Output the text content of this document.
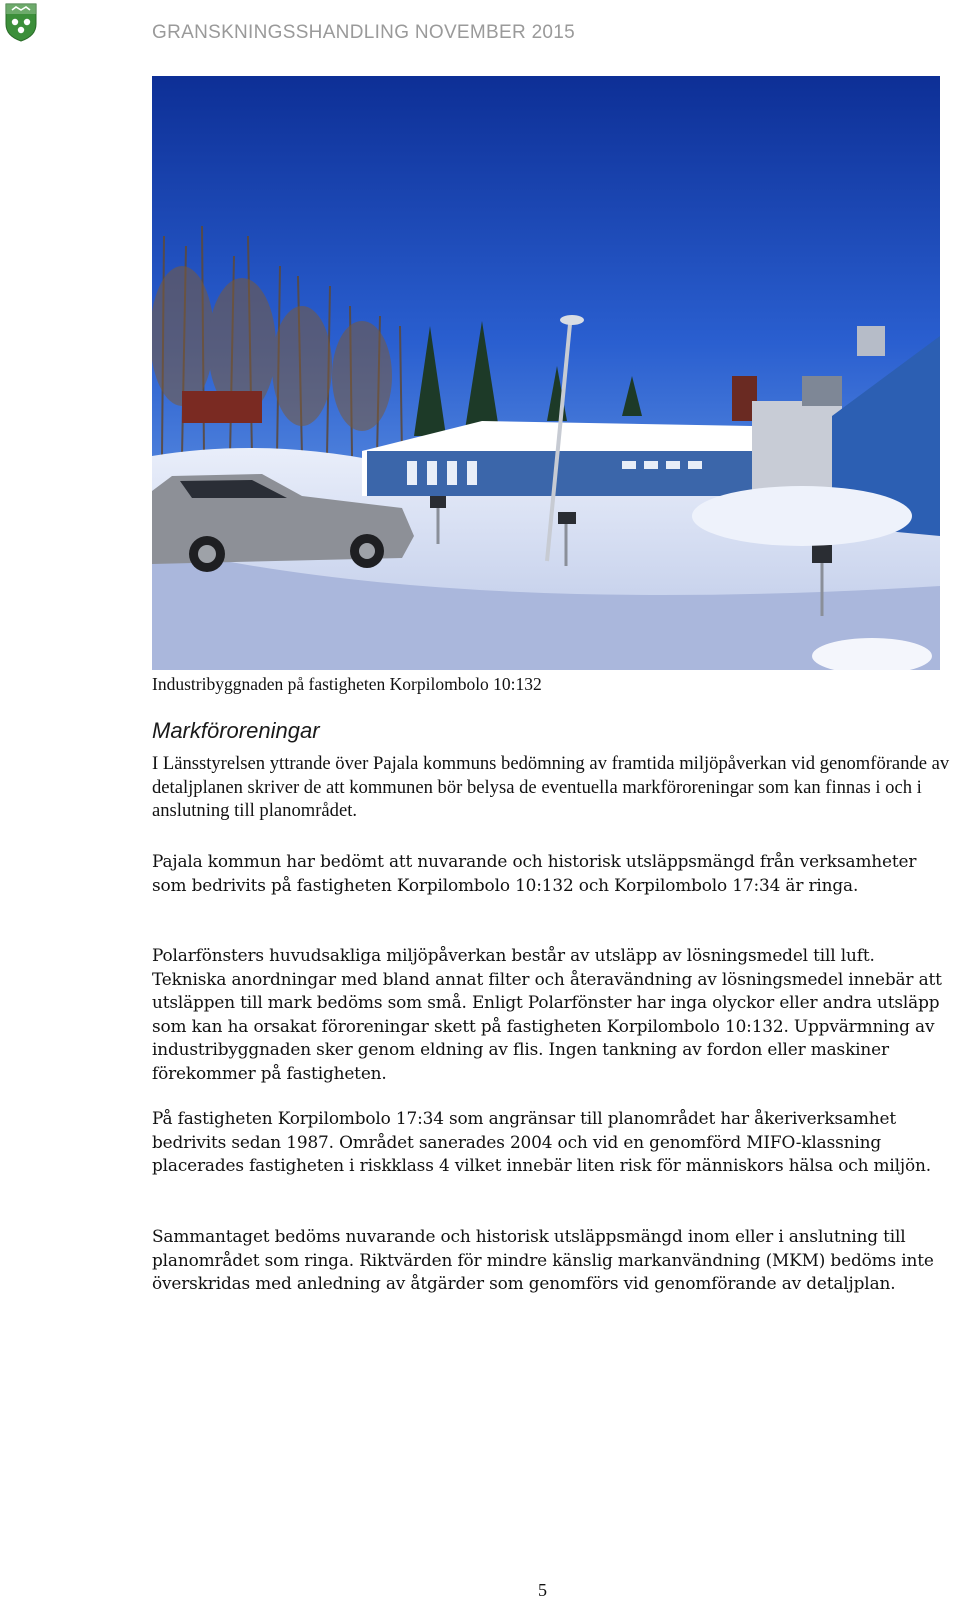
GRANSKNINGSSHANDLING NOVEMBER 2015
Industribyggnaden på fastigheten Korpilombolo 10:132
Markföroreningar

I Länsstyrelsen yttrande över Pajala kommuns bedömning av framtida miljöpåverkan vid genomförande av detaljplanen skriver de att kommunen bör belysa de eventuella markföroreningar som kan finnas i och i anslutning till planområdet.

Pajala kommun har bedömt att nuvarande och historisk utsläppsmängd från verksamheter som bedrivits på fastigheten Korpilombolo 10:132 och Korpilombolo 17:34 är ringa.

Polarfönsters huvudsakliga miljöpåverkan består av utsläpp av lösningsmedel till luft. Tekniska anordningar med bland annat filter och återavändning av lösningsmedel innebär att utsläppen till mark bedöms som små. Enligt Polarfönster har inga olyckor eller andra utsläpp som kan ha orsakat föroreningar skett på fastigheten Korpilombolo 10:132. Uppvärmning av industribyggnaden sker genom eldning av flis. Ingen tankning av fordon eller maskiner förekommer på fastigheten.

På fastigheten Korpilombolo 17:34 som angränsar till planområdet har åkeriverksamhet bedrivits sedan 1987. Området sanerades 2004 och vid en genomförd MIFO-klassning placerades fastigheten i riskklass 4 vilket innebär liten risk för människors hälsa och miljön.

Sammantaget bedöms nuvarande och historisk utsläppsmängd inom eller i anslutning till planområdet som ringa. Riktvärden för mindre känslig markanvändning (MKM) bedöms inte överskridas med anledning av åtgärder som genomförs vid genomförande av detaljplan.

5
